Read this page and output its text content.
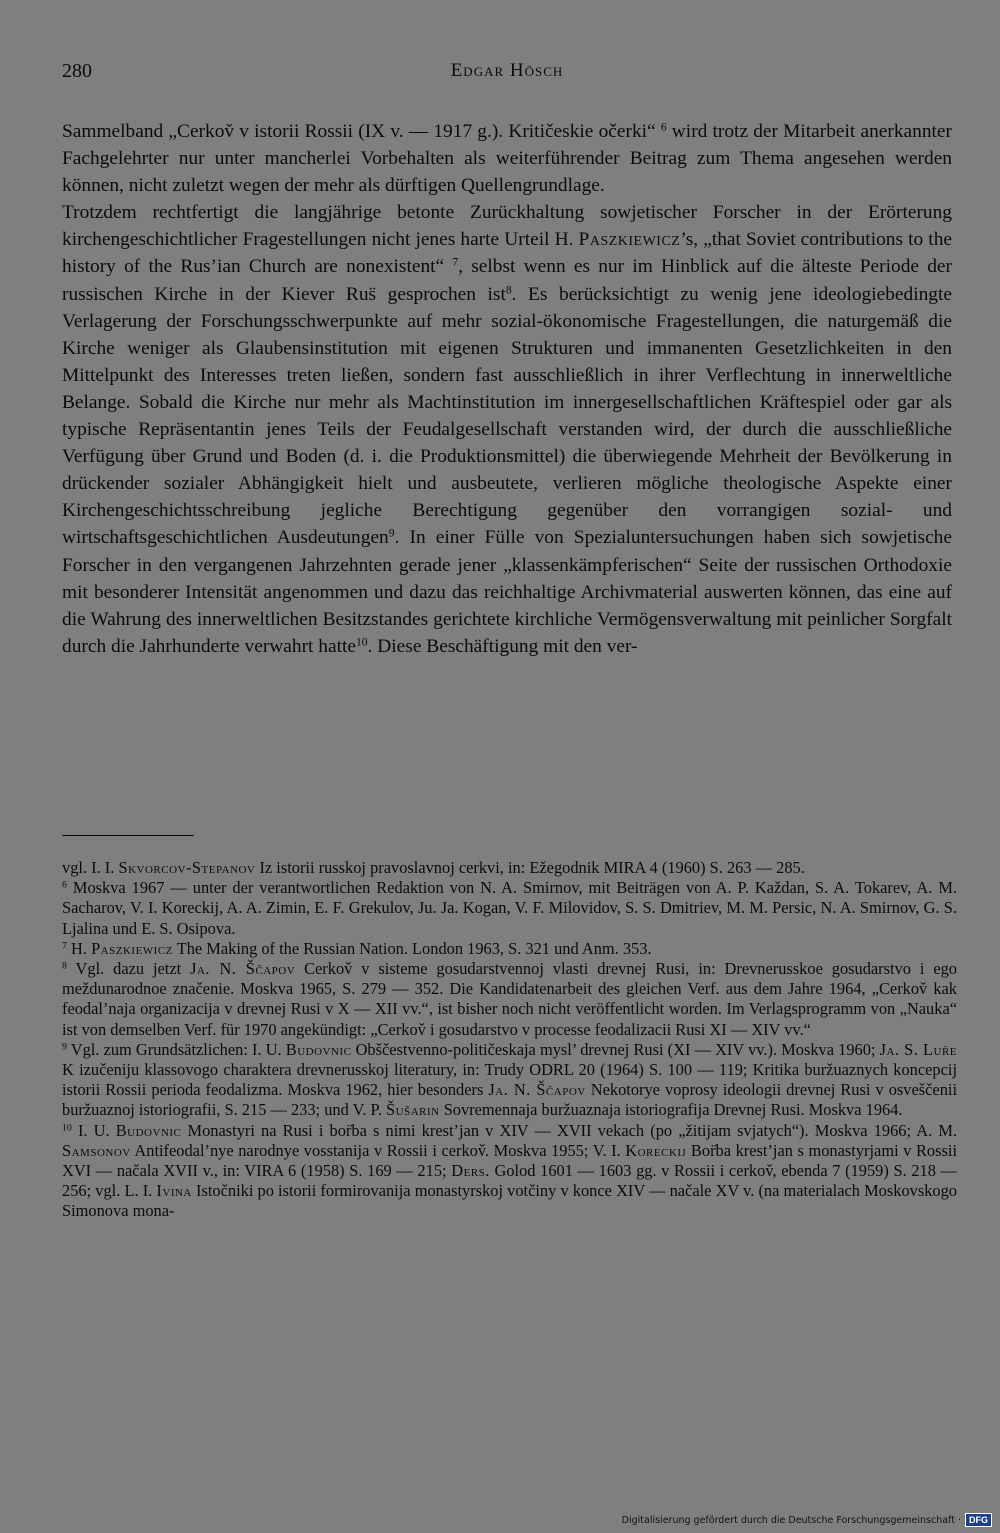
280	Edgar Hösch

Sammelband „Cerkov̌ v istorii Rossii (IX v. — 1917 g.). Kritičeskie očerki“ $^6$ wird trotz der Mitarbeit anerkannter Fachgelehrter nur unter mancherlei Vorbehalten als weiterführender Beitrag zum Thema angesehen werden können, nicht zuletzt wegen der mehr als dürftigen Quellengrundlage.

Trotzdem rechtfertigt die langjährige betonte Zurückhaltung sowjetischer Forscher in der Erörterung kirchengeschichtlicher Fragestellungen nicht jenes harte Urteil H. Paszkiewicz’s, „that Soviet contributions to the history of the Rus’ian Church are nonexistent“ $^7$, selbst wenn es nur im Hinblick auf die älteste Periode der russischen Kirche in der Kiever Rus̈ gesprochen ist$^8$. Es berücksichtigt zu wenig jene ideologiebedingte Verlagerung der Forschungsschwerpunkte auf mehr sozial-ökonomische Fragestellungen, die naturgemäß die Kirche weniger als Glaubensinstitution mit eigenen Strukturen und immanenten Gesetzlichkeiten in den Mittelpunkt des Interesses treten ließen, sondern fast ausschließlich in ihrer Verflechtung in innerweltliche Belange. Sobald die Kirche nur mehr als Machtinstitution im innergesellschaftlichen Kräftespiel oder gar als typische Repräsentantin jenes Teils der Feudalgesellschaft verstanden wird, der durch die ausschließliche Verfügung über Grund und Boden (d. i. die Produktionsmittel) die überwiegende Mehrheit der Bevölkerung in drückender sozialer Abhängigkeit hielt und ausbeutete, verlieren mögliche theologische Aspekte einer Kirchengeschichtsschreibung jegliche Berechtigung gegenüber den vorrangigen sozial- und wirtschaftsgeschichtlichen Ausdeutungen$^9$. In einer Fülle von Spezialuntersuchungen haben sich sowjetische Forscher in den vergangenen Jahrzehnten gerade jener „klassenkämpferischen“ Seite der russischen Orthodoxie mit besonderer Intensität angenommen und dazu das reichhaltige Archivmaterial auswerten können, das eine auf die Wahrung des innerweltlichen Besitzstandes gerichtete kirchliche Vermögensverwaltung mit peinlicher Sorgfalt durch die Jahrhunderte verwahrt hatte$^{10}$. Diese Beschäftigung mit den ver-

vgl. I. I. Skvorcov-Stepanov Iz istorii russkoj pravoslavnoj cerkvi, in: Ežegodnik MIRA 4 (1960) S. 263 — 285.

$^6$ Moskva 1967 — unter der verantwortlichen Redaktion von N. A. Smirnov, mit Beiträgen von A. P. Každan, S. A. Tokarev, A. M. Sacharov, V. I. Koreckij, A. A. Zimin, E. F. Grekulov, Ju. Ja. Kogan, V. F. Milovidov, S. S. Dmitriev, M. M. Persic, N. A. Smirnov, G. S. Ljalina und E. S. Osipova.

$^7$ H. Paszkiewicz The Making of the Russian Nation. London 1963, S. 321 und Anm. 353.

$^8$ Vgl. dazu jetzt Ja. N. Ščapov Cerkov̌ v sisteme gosudarstvennoj vlasti drevnej Rusi, in: Drevnerusskoe gosudarstvo i ego meždunarodnoe značenie. Moskva 1965, S. 279 — 352. Die Kandidatenarbeit des gleichen Verf. aus dem Jahre 1964, „Cerkov̌ kak feodal’naja organizacija v drevnej Rusi v X — XII vv.“, ist bisher noch nicht veröffentlicht worden. Im Verlagsprogramm von „Nauka“ ist von demselben Verf. für 1970 angekündigt: „Cerkov̌ i gosudarstvo v processe feodalizacii Rusi XI — XIV vv.“

$^9$ Vgl. zum Grundsätzlichen: I. U. Budovnic Obščestvenno-političeskaja mysl’ drevnej Rusi (XI — XIV vv.). Moskva 1960; Ja. S. Lur̈e K izučeniju klassovogo charaktera drevnerusskoj literatury, in: Trudy ODRL 20 (1964) S. 100 — 119; Kritika buržuaznych koncepcij istorii Rossii perioda feodalizma. Moskva 1962, hier besonders Ja. N. Ščapov Nekotorye voprosy ideologii drevnej Rusi v osveščenii buržuaznoj istoriografii, S. 215 — 233; und V. P. Šušarin Sovremennaja buržuaznaja istoriografija Drevnej Rusi. Moskva 1964.

$^{10}$ I. U. Budovnic Monastyri na Rusi i bor̈ba s nimi krest’jan v XIV — XVII vekach (po „žitijam svjatych“). Moskva 1966; A. M. Samsonov Antifeodal’nye narodnye vosstanija v Rossii i cerkov̌. Moskva 1955; V. I. Koreckij Bor̈ba krest’jan s monastyrjami v Rossii XVI — načala XVII v., in: VIRA 6 (1958) S. 169 — 215; Ders. Golod 1601 — 1603 gg. v Rossii i cerkov̌, ebenda 7 (1959) S. 218 — 256; vgl. L. I. Ivina Istočniki po istorii formirovanija monastyrskoj votčiny v konce XIV — načale XV v. (na materialach Moskovskogo Simonova mona-

Digitalisierung gefördert durch die Deutsche Forschungsgemeinschaft · DFG
